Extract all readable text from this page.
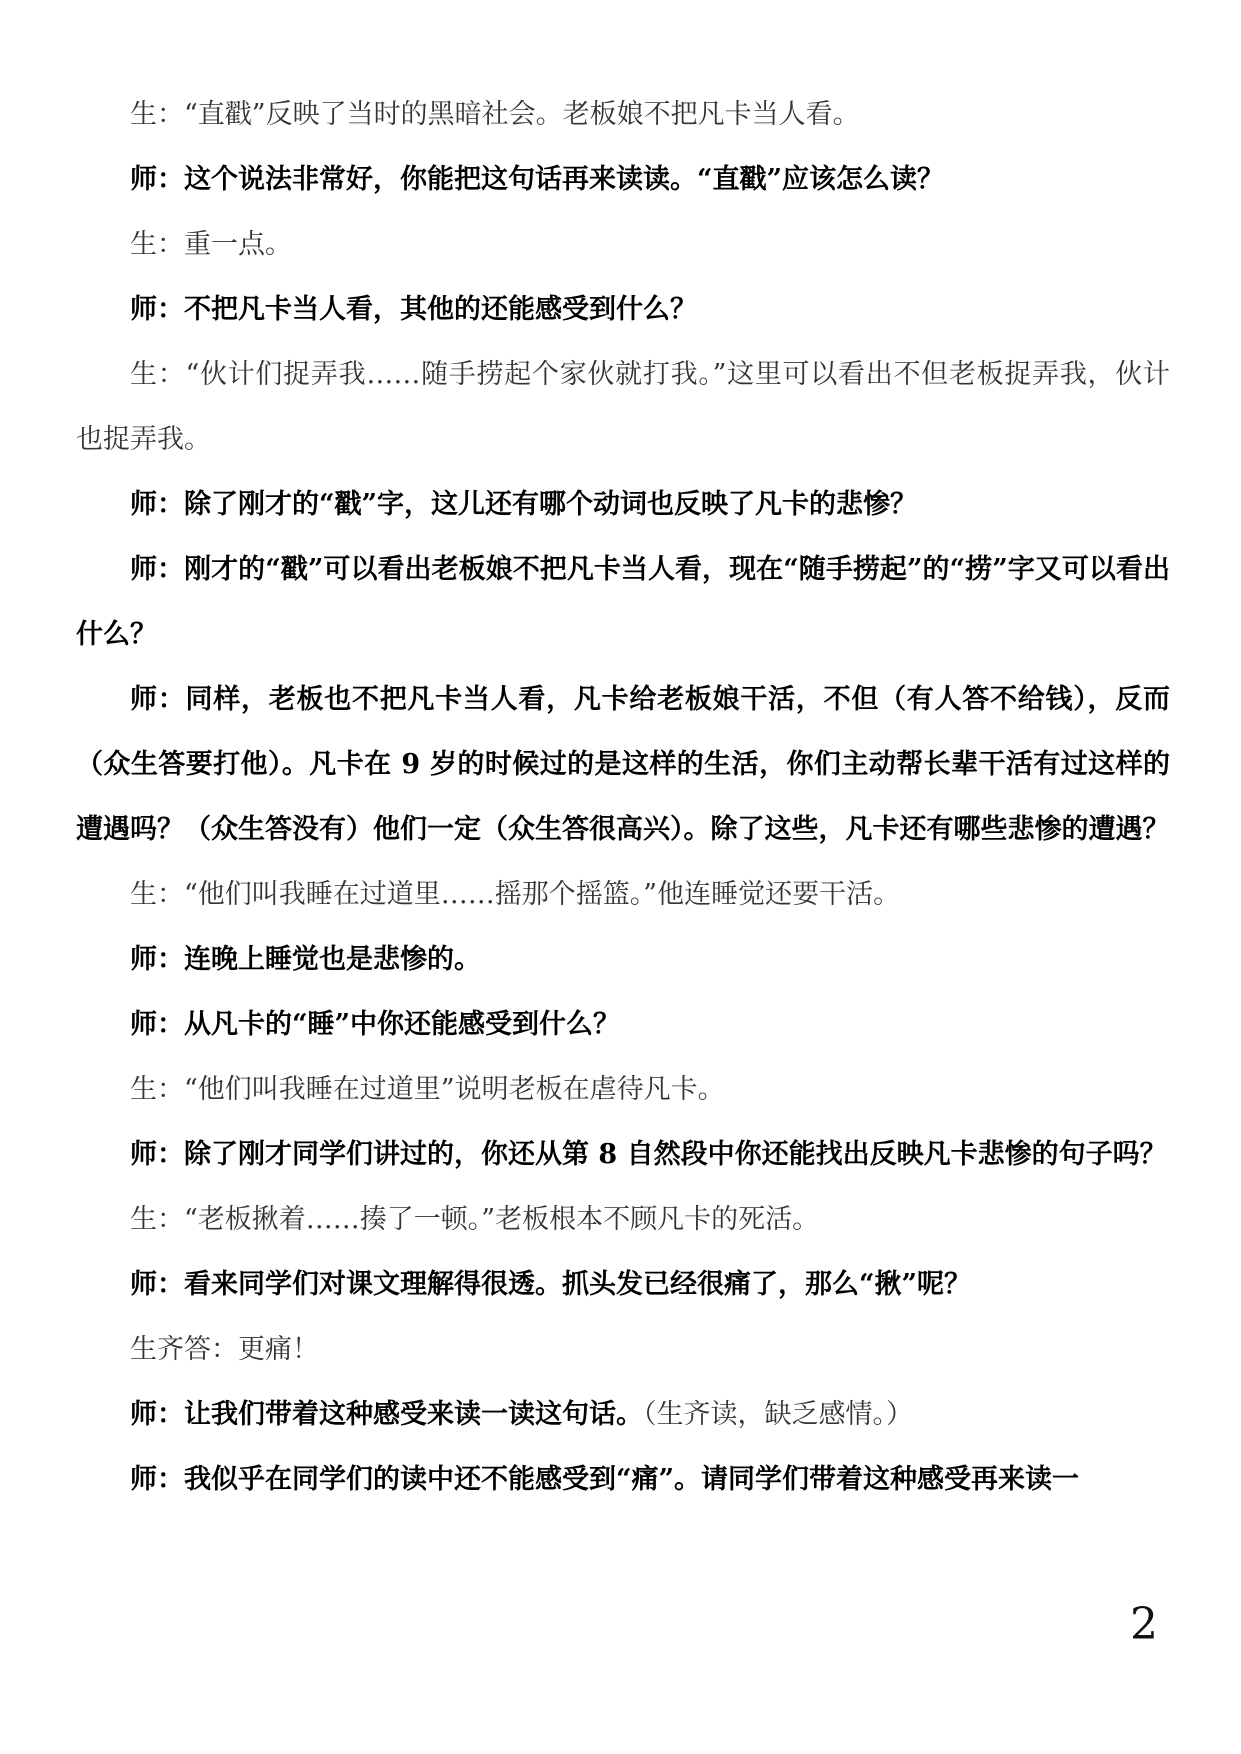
生：“直戳”反映了当时的黑暗社会。老板娘不把凡卡当人看。

师：这个说法非常好，你能把这句话再来读读。“直戳”应该怎么读？

生：重一点。

师：不把凡卡当人看，其他的还能感受到什么？

生：“伙计们捉弄我……随手捞起个家伙就打我。”这里可以看出不但老板捉弄我，伙计也捉弄我。

师：除了刚才的“戳”字，这儿还有哪个动词也反映了凡卡的悲惨？

师：刚才的“戳”可以看出老板娘不把凡卡当人看，现在“随手捞起”的“捞”字又可以看出什么？

师：同样，老板也不把凡卡当人看，凡卡给老板娘干活，不但（有人答不给钱），反而（众生答要打他）。凡卡在 9 岁的时候过的是这样的生活，你们主动帮长辈干活有过这样的遭遇吗？（众生答没有）他们一定（众生答很高兴）。除了这些，凡卡还有哪些悲惨的遭遇？

生：“他们叫我睡在过道里……摇那个摇篮。”他连睡觉还要干活。

师：连晚上睡觉也是悲惨的。

师：从凡卡的“睡”中你还能感受到什么？

生：“他们叫我睡在过道里”说明老板在虐待凡卡。

师：除了刚才同学们讲过的，你还从第 8 自然段中你还能找出反映凡卡悲惨的句子吗？

生：“老板揪着……揍了一顿。”老板根本不顾凡卡的死活。

师：看来同学们对课文理解得很透。抓头发已经很痛了，那么“揪”呢？

生齐答：更痛！

师：让我们带着这种感受来读一读这句话。（生齐读，缺乏感情。）

师：我似乎在同学们的读中还不能感受到“痛”。请同学们带着这种感受再来读一

2
